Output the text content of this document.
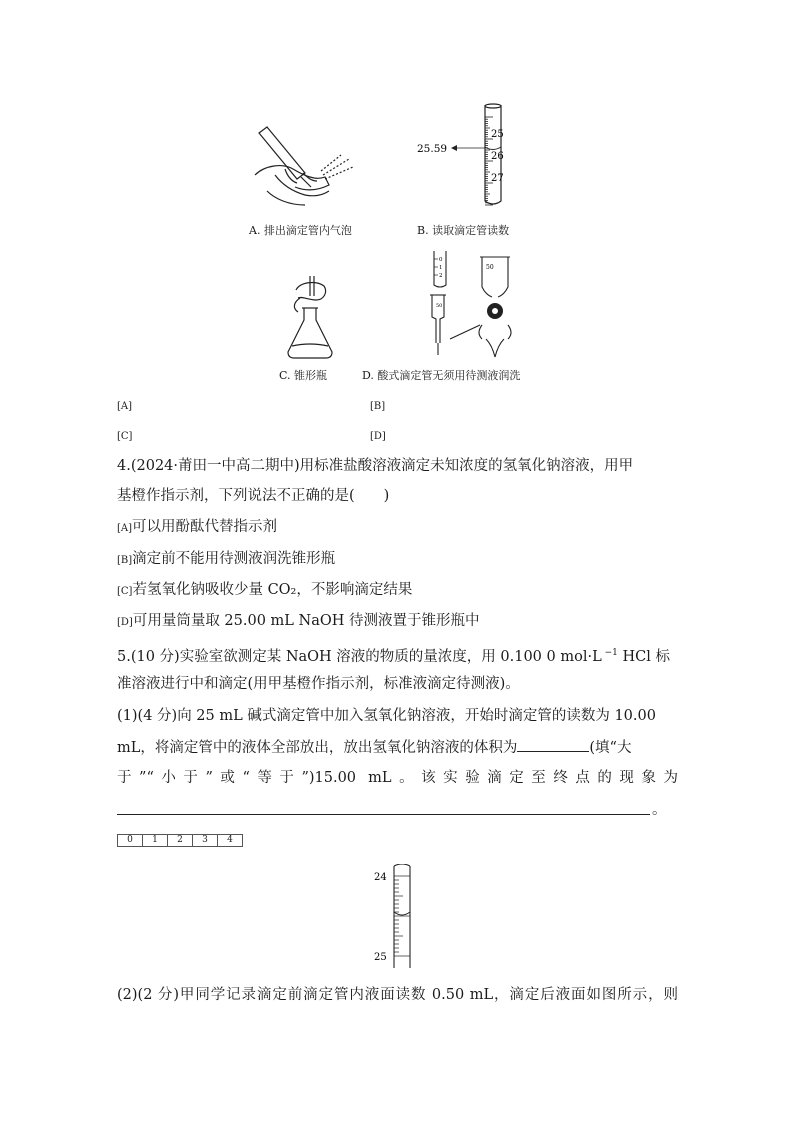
A. 排出滴定管内气泡
25.59
25
26
27
B. 读取滴定管读数
C. 锥形瓶
0
1
2
50
50
D. 酸式滴定管无须用待测液润洗
[A]	[B]
[C]	[D]
4.(2024·莆田一中高二期中)用标准盐酸溶液滴定未知浓度的氢氧化钠溶液，用甲
基橙作指示剂，下列说法不正确的是(　　)
[A]可以用酚酞代替指示剂
[B]滴定前不能用待测液润洗锥形瓶
[C]若氢氧化钠吸收少量 CO₂，不影响滴定结果
[D]可用量筒量取 25.00 mL NaOH 待测液置于锥形瓶中
5.(10 分)实验室欲测定某 NaOH 溶液的物质的量浓度，用 0.100 0 mol·L $^{-1}$ HCl 标
准溶液进行中和滴定(用甲基橙作指示剂，标准液滴定待测液)。
(1)(4 分)向 25 mL 碱式滴定管中加入氢氧化钠溶液，开始时滴定管的读数为 10.00
mL，将滴定管中的液体全部放出，放出氢氧化钠溶液的体积为	(填“大
于”“小于”或“等于”)15.00 mL。该实验滴定至终点的现象为
。
0	1	2	3	4
24
25
(2)(2 分)甲同学记录滴定前滴定管内液面读数 0.50 mL，滴定后液面如图所示，则
